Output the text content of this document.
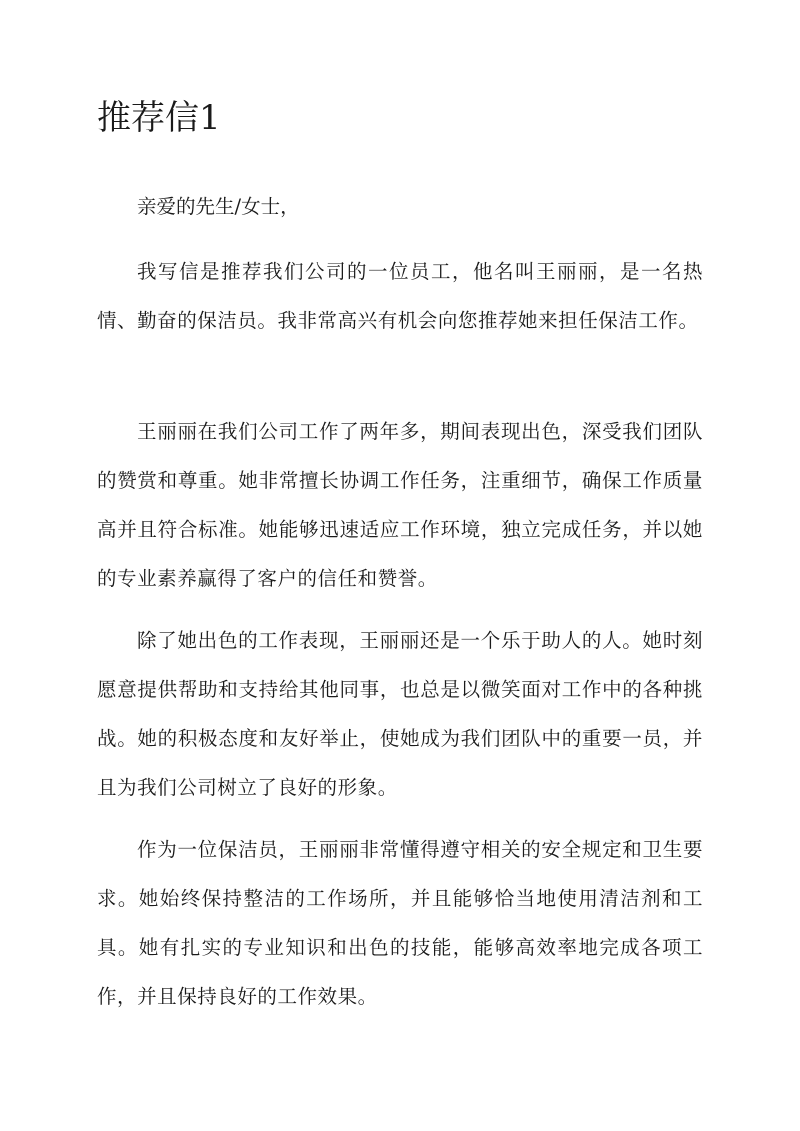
推荐信1

亲爱的先生/女士，

我写信是推荐我们公司的一位员工，他名叫王丽丽，是一名热情、勤奋的保洁员。我非常高兴有机会向您推荐她来担任保洁工作。

王丽丽在我们公司工作了两年多，期间表现出色，深受我们团队的赞赏和尊重。她非常擅长协调工作任务，注重细节，确保工作质量高并且符合标准。她能够迅速适应工作环境，独立完成任务，并以她的专业素养赢得了客户的信任和赞誉。

除了她出色的工作表现，王丽丽还是一个乐于助人的人。她时刻愿意提供帮助和支持给其他同事，也总是以微笑面对工作中的各种挑战。她的积极态度和友好举止，使她成为我们团队中的重要一员，并且为我们公司树立了良好的形象。

作为一位保洁员，王丽丽非常懂得遵守相关的安全规定和卫生要求。她始终保持整洁的工作场所，并且能够恰当地使用清洁剂和工具。她有扎实的专业知识和出色的技能，能够高效率地完成各项工作，并且保持良好的工作效果。
